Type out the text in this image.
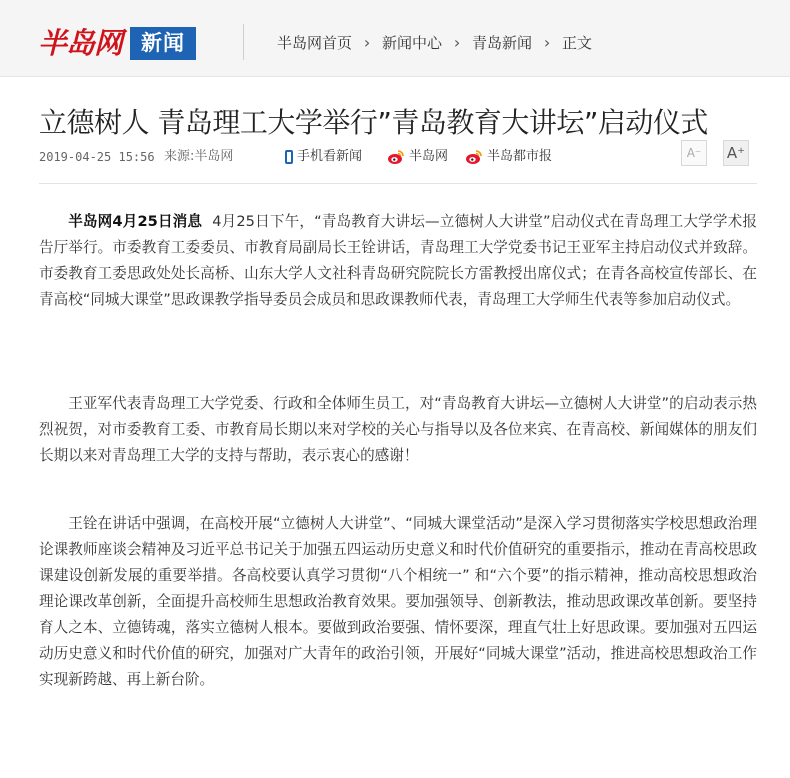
半岛网 新闻	半岛网首页 › 新闻中心 › 青岛新闻 › 正文
立德树人 青岛理工大学举行”青岛教育大讲坛”启动仪式
2019-04-25 15:56 来源:半岛网	手机看新闻	半岛网	半岛都市报	A⁻	A⁺

半岛网4月25日消息 4月25日下午，“青岛教育大讲坛—立德树人大讲堂”启动仪式在青岛理工大学学术报告厅举行。市委教育工委委员、市教育局副局长王铨讲话，青岛理工大学党委书记王亚军主持启动仪式并致辞。市委教育工委思政处处长高桥、山东大学人文社科青岛研究院院长方雷教授出席仪式；在青各高校宣传部长、在青高校“同城大课堂”思政课教学指导委员会成员和思政课教师代表，青岛理工大学师生代表等参加启动仪式。

王亚军代表青岛理工大学党委、行政和全体师生员工，对“青岛教育大讲坛—立德树人大讲堂”的启动表示热烈祝贺，对市委教育工委、市教育局长期以来对学校的关心与指导以及各位来宾、在青高校、新闻媒体的朋友们长期以来对青岛理工大学的支持与帮助，表示衷心的感谢！

王铨在讲话中强调，在高校开展“立德树人大讲堂”、“同城大课堂活动”是深入学习贯彻落实学校思想政治理论课教师座谈会精神及习近平总书记关于加强五四运动历史意义和时代价值研究的重要指示，推动在青高校思政课建设创新发展的重要举措。各高校要认真学习贯彻“八个相统一” 和“六个要”的指示精神，推动高校思想政治理论课改革创新，全面提升高校师生思想政治教育效果。要加强领导、创新教法，推动思政课改革创新。要坚持育人之本、立德铸魂，落实立德树人根本。要做到政治要强、情怀要深，理直气壮上好思政课。要加强对五四运动历史意义和时代价值的研究，加强对广大青年的政治引领，开展好“同城大课堂”活动，推进高校思想政治工作实现新跨越、再上新台阶。
